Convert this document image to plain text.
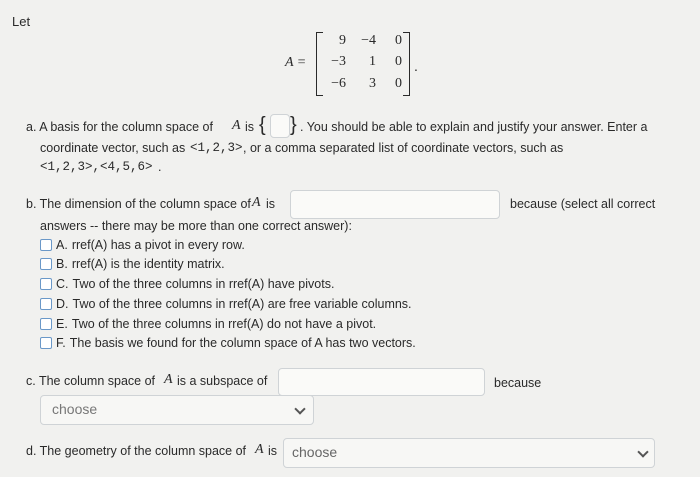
Let
A =
9	−4	0
−3	1	0
−6	3	0
.
a. A basis for the column space of A is { } . You should be able to explain and justify your answer. Enter a
coordinate vector, such as <1,2,3> , or a comma separated list of coordinate vectors, such as
<1,2,3>,<4,5,6> .
b. The dimension of the column space of A is	because (select all correct
answers -- there may be more than one correct answer):
A. rref(A) has a pivot in every row.
B. rref(A) is the identity matrix.
C. Two of the three columns in rref(A) have pivots.
D. Two of the three columns in rref(A) are free variable columns.
E. Two of the three columns in rref(A) do not have a pivot.
F. The basis we found for the column space of A has two vectors.
c. The column space of A is a subspace of	because
choose
d. The geometry of the column space of A is choose
